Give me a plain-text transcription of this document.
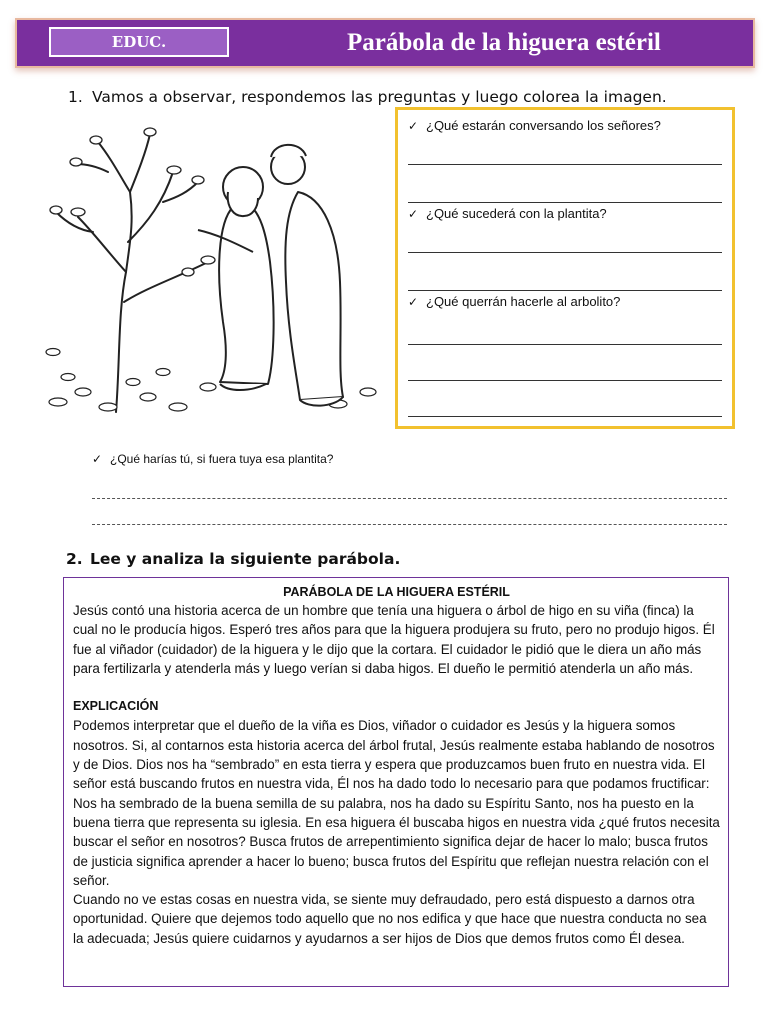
EDUC.	Parábola de la higuera estéril
1. Vamos a observar, respondemos las preguntas y luego colorea la imagen.
✓ ¿Qué estarán conversando los señores?
✓ ¿Qué sucederá con la plantita?
✓ ¿Qué querrán hacerle al arbolito?
✓ ¿Qué harías tú, si fuera tuya esa plantita?
2. Lee y analiza la siguiente parábola.
PARÁBOLA DE LA HIGUERA ESTÉRIL

Jesús contó una historia acerca de un hombre que tenía una higuera o árbol de higo en su viña (finca) la cual no le producía higos. Esperó tres años para que la higuera produjera su fruto, pero no produjo higos. Él fue al viñador (cuidador) de la higuera y le dijo que la cortara. El cuidador le pidió que le diera un año más para fertilizarla y atenderla más y luego verían si daba higos. El dueño le permitió atenderla un año más.

EXPLICACIÓN

Podemos interpretar que el dueño de la viña es Dios, viñador o cuidador es Jesús y la higuera somos nosotros. Si, al contarnos esta historia acerca del árbol frutal, Jesús realmente estaba hablando de nosotros y de Dios. Dios nos ha “sembrado” en esta tierra y espera que produzcamos buen fruto en nuestra vida. El señor está buscando frutos en nuestra vida, Él nos ha dado todo lo necesario para que podamos fructificar: Nos ha sembrado de la buena semilla de su palabra, nos ha dado su Espíritu Santo, nos ha puesto en la buena tierra que representa su iglesia. En esa higuera él buscaba higos en nuestra vida ¿qué frutos necesita buscar el señor en nosotros? Busca frutos de arrepentimiento significa dejar de hacer lo malo; busca frutos de justicia significa aprender a hacer lo bueno; busca frutos del Espíritu que reflejan nuestra relación con el señor.

Cuando no ve estas cosas en nuestra vida, se siente muy defraudado, pero está dispuesto a darnos otra oportunidad. Quiere que dejemos todo aquello que no nos edifica y que hace que nuestra conducta no sea la adecuada; Jesús quiere cuidarnos y ayudarnos a ser hijos de Dios que demos frutos como Él desea.
